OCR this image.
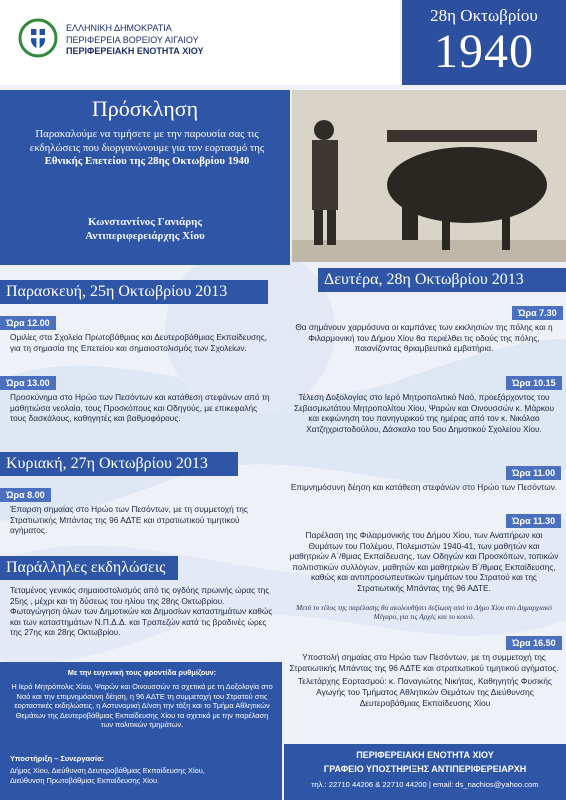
ΕΛΛΗΝΙΚΗ ΔΗΜΟΚΡΑΤΙΑ
ΠΕΡΙΦΕΡΕΙΑ ΒΟΡΕΙΟΥ ΑΙΓΑΙΟΥ
ΠΕΡΙΦΕΡΕΙΑΚΗ ΕΝΟΤΗΤΑ ΧΙΟΥ
28η Οκτωβρίου
1940
Πρόσκληση
Παρακαλούμε να τιμήσετε με την παρουσία σας τις εκδηλώσεις που διοργανώνουμε για τον εορτασμό της Εθνικής Επετείου της 28ης Οκτωβρίου 1940
Κωνσταντίνος Γανιάρης
Αντιπεριφερειάρχης Χίου
Παρασκευή, 25η Οκτωβρίου 2013
Ώρα 12.00
Ομιλίες στα Σχολεία Πρωτοβάθμιας και Δευτεροβάθμιας Εκπαίδευσης, για τη σημασία της Επετείου και σημαιοστολισμός των Σχολείων.
Ώρα 13.00
Προσκύνημα στο Ηρώο των Πεσόντων και κατάθεση στεφάνων από τη μαθητιώσα νεολαία, τους Προσκόπους και Οδηγούς, με επικεφαλής τους δασκάλους, καθηγητές και βαθμοφόρους.
Κυριακή, 27η Οκτωβρίου 2013
Ώρα 8.00
Έπαρση σημαίας στο Ηρώο των Πεσόντων, με τη συμμετοχή της Στρατιωτικής Μπάντας της 96 ΑΔΤΕ και στρατιωτικού τιμητικού αγήματος.
Παράλληλες εκδηλώσεις
Τεταμένος γενικός σημαιοστολισμός από τις ογδόης πρωινής ώρας της 25ης , μέχρι και τη δύσεως του ηλίου της 28ης Οκτωβρίου. Φωταγώγηση όλων των Δημοτικών και Δημοσίων καταστημάτων καθώς και των καταστημάτων Ν.Π.Δ.Δ. και Τραπεζών κατά τις βραδινές ώρες της 27ης και 28ης Οκτωβρίου.
Δευτέρα, 28η Οκτωβρίου 2013
Ώρα 7.30
Θα σημάνουν χαρμόσυνα οι καμπάνες των εκκλησιών της πόλης και η Φιλαρμονική του Δήμου Χίου θα περιέλθει τις οδούς της πόλης, παιανίζοντας θριαμβευτικά εμβατήρια.
Ώρα 10.15
Τέλεση Δοξολογίας στο Ιερό Μητροπολιτικό Ναό, προεξάρχοντος του Σεβασμιωτάτου Μητροπολίτου Χίου, Ψαρών και Οινουσσών κ. Μάρκου και εκφώνηση του πανηγυρικού της ημέρας από τον κ. Νικόλαο Χατζηχριστοδούλου, Δάσκαλο του 5ου Δημοτικού Σχολείου Χίου.
Ώρα 11.00
Επιμνημόσυνη δέηση και κατάθεση στεφάνων στο Ηρώο των Πεσόντων.
Ώρα 11.30
Παρέλαση της Φιλαρμονικής του Δήμου Χίου, των Αναπήρων και Θυμάτων του Πολέμου, Πολεμιστών 1940-41, των μαθητών και μαθητριών Α΄/θμιας Εκπαίδευσης, των Οδηγών και Προσκόπων, τοπικών πολιτιστικών συλλόγων, μαθητών και μαθητριών Β΄/θμιας Εκπαίδευσης, καθώς και αντιπροσωπευτικών τμημάτων του Στρατού και της Στρατιωτικής Μπάντας της 96 ΑΔΤΕ.
Μετά το τέλος της παρέλασης θα ακολουθήσει δεξίωση από το Δήμο Χίου στο Δημαρχιακό Μέγαρο, για τις Αρχές και το κοινό.
Ώρα 16.50
Υποστολή σημαίας στο Ηρώο των Πεσόντων, με τη συμμετοχή της Στρατιωτικής Μπάντας της 96 ΑΔΤΕ και στρατιωτικού τιμητικού αγήματος.
Με την ευγενική τους φροντίδα ρυθμίζουν:
Η Ιερά Μητρόπολις Χίου, Ψαρών και Οινουσσών τα σχετικά με τη Δοξολογία στο Ναό και την επιμνημόσυνη δέηση, η 96 ΑΔΤΕ τη συμμετοχή του Στρατού στις εορταστικές εκδηλώσεις, η Αστυνομική Δ/νση την τάξη και το Τμήμα Αθλητικών Θεμάτων της Δευτεροβάθμιας Εκπαίδευσης Χίου τα σχετικά με την παρέλαση των πολιτικών τμημάτων.
Υποστήριξη – Συνεργασία:
Δήμος Χίου, Διεύθυνση Δευτεροβάθμιας Εκπαίδευσης Χίου,
Διεύθυνση Πρωτοβάθμιας Εκπαίδευσης Χίου.
Τελετάρχης Εορτασμού: κ. Παναγιώτης Νικήτας, Καθηγητής Φυσικής Αγωγής του Τμήματος Αθλητικών Θεμάτων της Διεύθυνσης Δευτεροβάθμιας Εκπαίδευσης Χίου
ΠΕΡΙΦΕΡΕΙΑΚΗ ΕΝΟΤΗΤΑ ΧΙΟΥ
ΓΡΑΦΕΙΟ ΥΠΟΣΤΗΡΙΞΗΣ ΑΝΤΙΠΕΡΙΦΕΡΕΙΑΡΧΗ
τηλ.: 22710 44206 & 22710 44200 | email: ds_nachios@yahoo.com
